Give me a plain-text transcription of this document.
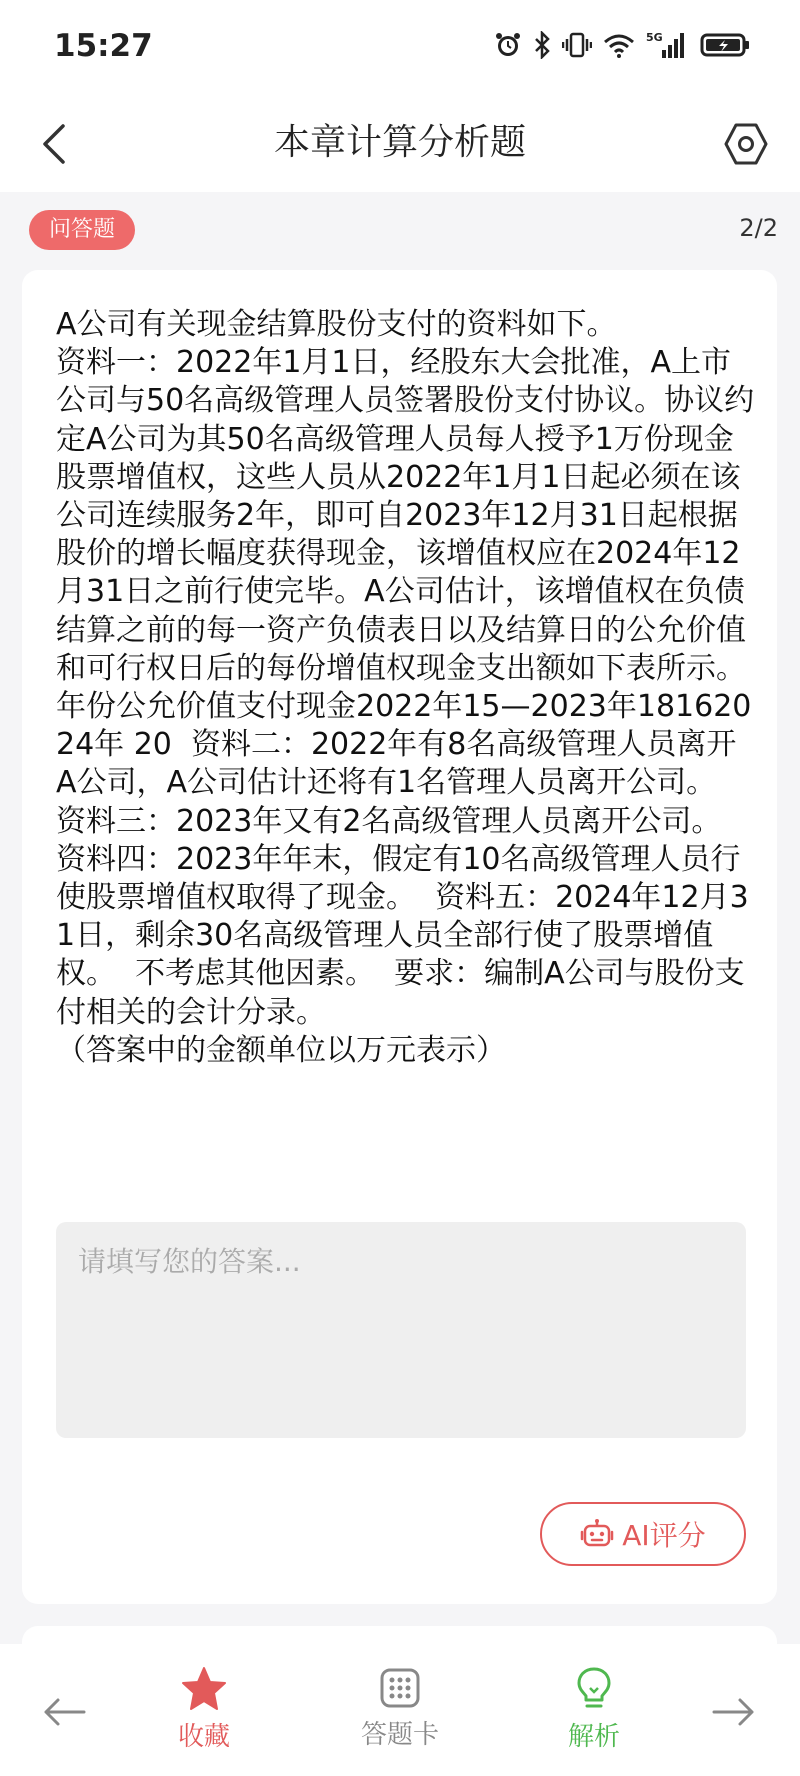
15:27	5G
本章计算分析题
问答题	2/2
A公司有关现金结算股份支付的资料如下。
资料一：2022年1月1日，经股东大会批准，A上市公司与50名高级管理人员签署股份支付协议。协议约定A公司为其50名高级管理人员每人授予1万份现金股票增值权，这些人员从2022年1月1日起必须在该公司连续服务2年，即可自2023年12月31日起根据股价的增长幅度获得现金，该增值权应在2024年12月31日之前行使完毕。A公司估计，该增值权在负债结算之前的每一资产负债表日以及结算日的公允价值和可行权日后的每份增值权现金支出额如下表所示。年份公允价值支付现金2022年15—2023年18162024年 20  资料二：2022年有8名高级管理人员离开A公司，A公司估计还将有1名管理人员离开公司。  资料三：2023年又有2名高级管理人员离开公司。  资料四：2023年年末，假定有10名高级管理人员行使股票增值权取得了现金。  资料五：2024年12月31日，剩余30名高级管理人员全部行使了股票增值权。  不考虑其他因素。  要求：编制A公司与股份支付相关的会计分录。
（答案中的金额单位以万元表示）
请填写您的答案...
AI评分
收藏	答题卡	解析
